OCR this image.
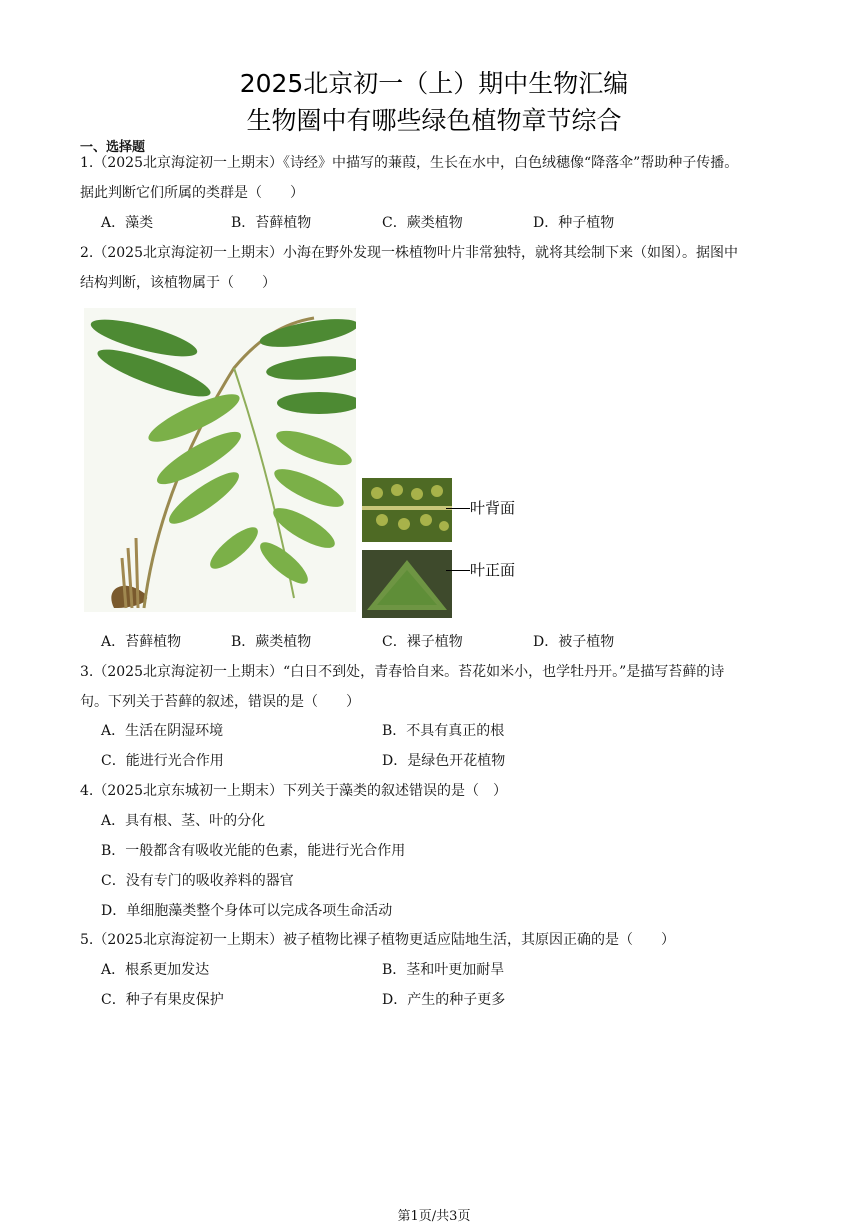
2025北京初一（上）期中生物汇编
生物圈中有哪些绿色植物章节综合
一、选择题
1.（2025北京海淀初一上期末）《诗经》中描写的蒹葭，生长在水中，白色绒穗像“降落伞”帮助种子传播。
据此判断它们所属的类群是（　　）
A．藻类	B．苔藓植物	C．蕨类植物	D．种子植物
2.（2025北京海淀初一上期末）小海在野外发现一株植物叶片非常独特，就将其绘制下来（如图）。据图中
结构判断，该植物属于（　　）
叶背面
叶正面
A．苔藓植物	B．蕨类植物	C．裸子植物	D．被子植物
3.（2025北京海淀初一上期末）“白日不到处，青春恰自来。苔花如米小，也学牡丹开。”是描写苔藓的诗
句。下列关于苔藓的叙述，错误的是（　　）
A．生活在阴湿环境	B．不具有真正的根
C．能进行光合作用	D．是绿色开花植物
4.（2025北京东城初一上期末）下列关于藻类的叙述错误的是（　）
A．具有根、茎、叶的分化
B．一般都含有吸收光能的色素，能进行光合作用
C．没有专门的吸收养料的器官
D．单细胞藻类整个身体可以完成各项生命活动
5.（2025北京海淀初一上期末）被子植物比裸子植物更适应陆地生活，其原因正确的是（　　）
A．根系更加发达	B．茎和叶更加耐旱
C．种子有果皮保护	D．产生的种子更多
第1页/共3页
